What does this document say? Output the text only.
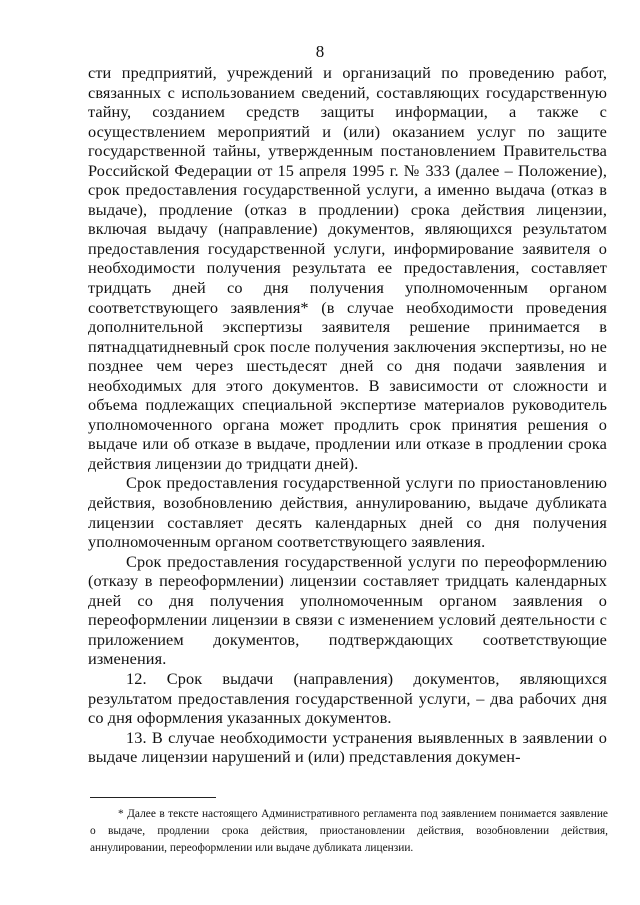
8

сти предприятий, учреждений и организаций по проведению работ, связанных с использованием сведений, составляющих государственную тайну, созданием средств защиты информации, а также с осуществлением мероприятий и (или) оказанием услуг по защите государственной тайны, утвержденным постановлением Правительства Российской Федерации от 15 апреля 1995 г. № 333 (далее – Положение), срок предоставления государственной услуги, а именно выдача (отказ в выдаче), продление (отказ в продлении) срока действия лицензии, включая выдачу (направление) документов, являющихся результатом предоставления государственной услуги, информирование заявителя о необходимости получения результата ее предоставления, составляет тридцать дней со дня получения уполномоченным органом соответствующего заявления* (в случае необходимости проведения дополнительной экспертизы заявителя решение принимается в пятнадцатидневный срок после получения заключения экспертизы, но не позднее чем через шестьдесят дней со дня подачи заявления и необходимых для этого документов. В зависимости от сложности и объема подлежащих специальной экспертизе материалов руководитель уполномоченного органа может продлить срок принятия решения о выдаче или об отказе в выдаче, продлении или отказе в продлении срока действия лицензии до тридцати дней).

Срок предоставления государственной услуги по приостановлению действия, возобновлению действия, аннулированию, выдаче дубликата лицензии составляет десять календарных дней со дня получения уполномоченным органом соответствующего заявления.

Срок предоставления государственной услуги по переоформлению (отказу в переоформлении) лицензии составляет тридцать календарных дней со дня получения уполномоченным органом заявления о переоформлении лицензии в связи с изменением условий деятельности с приложением документов, подтверждающих соответствующие изменения.

12. Срок выдачи (направления) документов, являющихся результатом предоставления государственной услуги, – два рабочих дня со дня оформления указанных документов.

13. В случае необходимости устранения выявленных в заявлении о выдаче лицензии нарушений и (или) представления докумен-

* Далее в тексте настоящего Административного регламента под заявлением понимается заявление о выдаче, продлении срока действия, приостановлении действия, возобновлении действия, аннулировании, переоформлении или выдаче дубликата лицензии.
